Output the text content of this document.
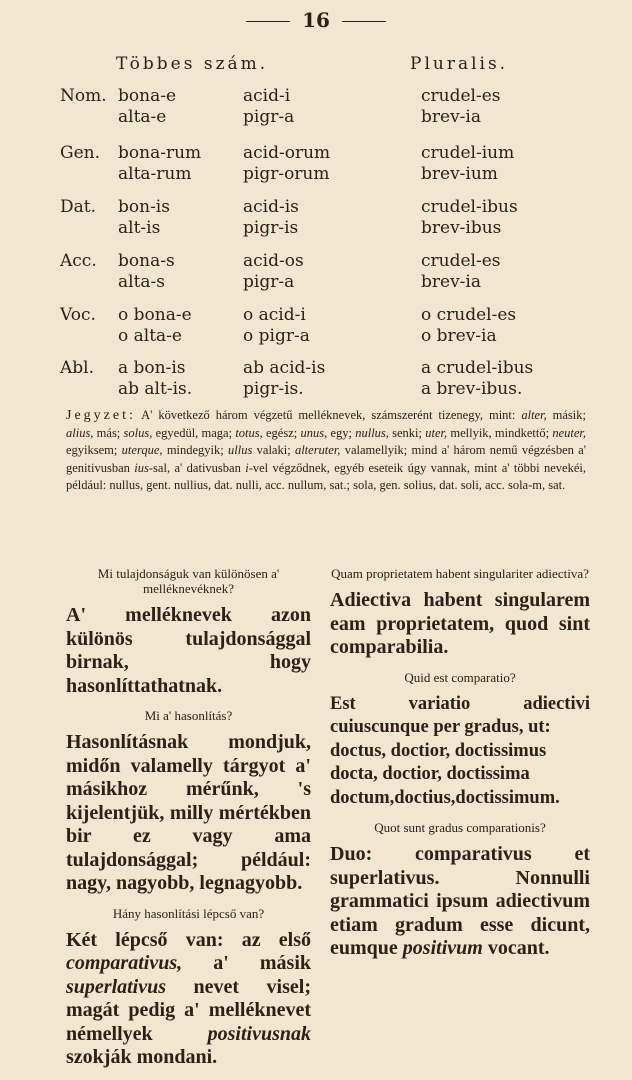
16
Többes szám.	Pluralis.
Nom. bona-e
alta-e
acid-i
pigr-a
crudel-es
brev-ia
Gen. bona-rum
alta-rum
acid-orum
pigr-orum
crudel-ium
brev-ium
Dat. bon-is
alt-is
acid-is
pigr-is
crudel-ibus
brev-ibus
Acc. bona-s
alta-s
acid-os
pigr-a
crudel-es
brev-ia
Voc. o bona-e
o alta-e
o acid-i
o pigr-a
o crudel-es
o brev-ia
Abl. a bon-is
ab alt-is.
ab acid-is
pigr-is.
a crudel-ibus
a brev-ibus.
Jegyzet: A' következő három végzetű melléknevek, számszerént tizenegy, mint: alter, másik; alius, más; solus, egyedül, maga; totus, egész; unus, egy; nullus, senki; uter, mellyik, mindkettő; neuter, egyiksem; uterque, mindegyik; ullus valaki; alteruter, valamellyik; mind a' három nemű végzésben a' genitivusban ius-sal, a' dativusban i-vel végződnek, egyéb eseteik úgy vannak, mint a' többi nevekéi, például: nullus, gent. nullius, dat. nulli, acc. nullum, sat.; sola, gen. solius, dat. soli, acc. sola-m, sat.
Mi tulajdonságuk van különösen a' melléknevéknek?
A' melléknevek azon különös tulajdonsággal birnak, hogy hasonlíttathatnak.
Mi a' hasonlítás?
Hasonlításnak mondjuk, midőn valamelly tárgyot a' másikhoz mérűnk, 's kijelentjük, milly mértékben bir ez vagy ama tulajdonsággal; például: nagy, nagyobb, legnagyobb.
Hány hasonlítási lépcső van?
Két lépcső van: az első comparativus, a' másik superlativus nevet visel; magát pedig a' melléknevet némellyek positivusnak szokják mondani.
Quam proprietatem habent singulariter adiectiva?
Adiectiva habent singularem eam proprietatem, quod sint comparabilia.
Quid est comparatio?
Est variatio adiectivi cuiuscunque per gradus, ut:
doctus, doctior, doctissimus
docta, doctior, doctissima
doctum,doctius,doctissimum.
Quot sunt gradus comparationis?
Duo: comparativus et superlativus. Nonnulli grammatici ipsum adiectivum etiam gradum esse dicunt, eumque positivum vocant.
